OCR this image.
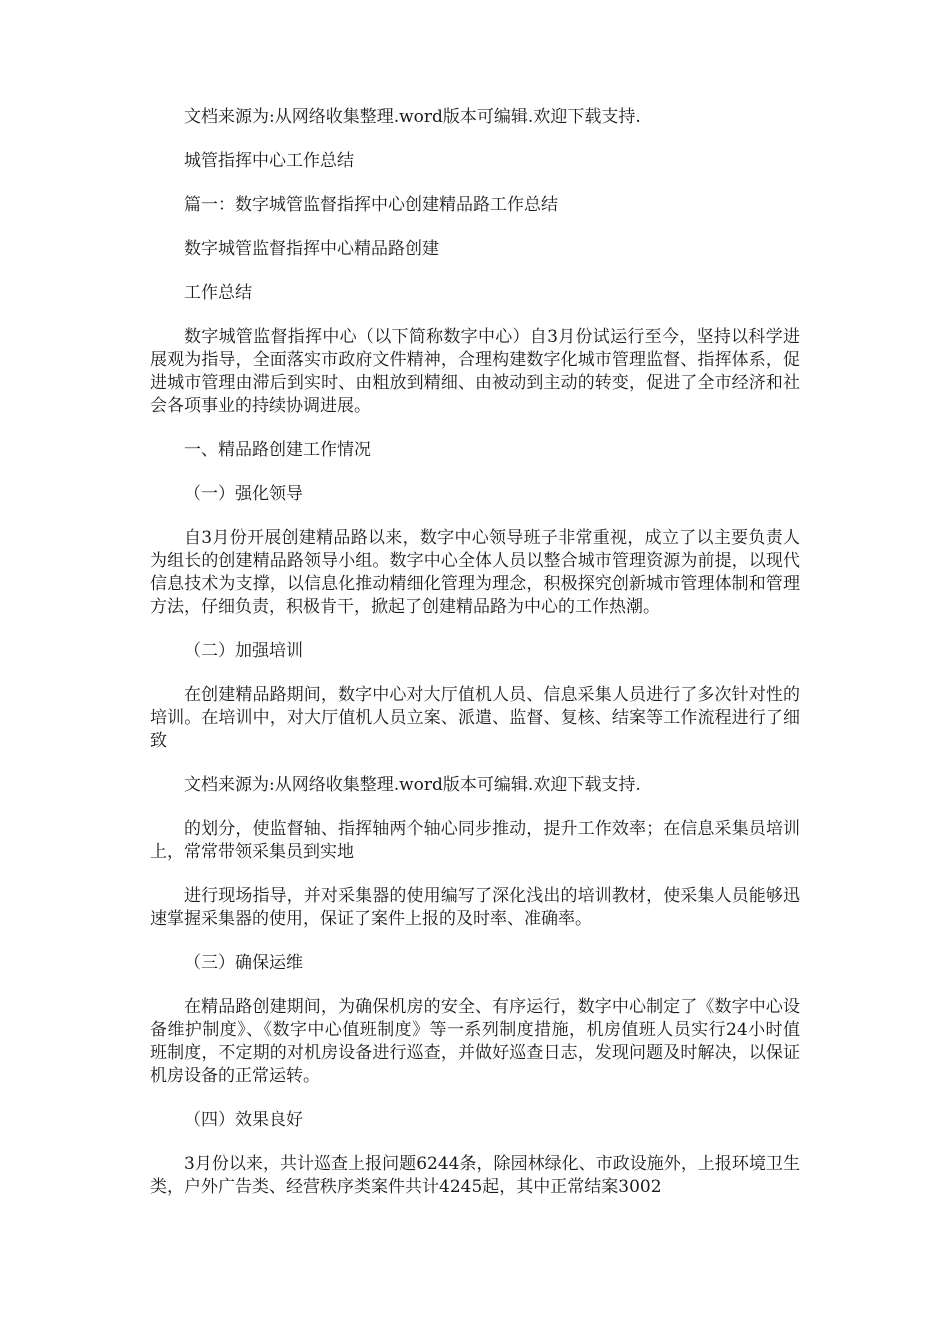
文档来源为:从网络收集整理.word版本可编辑.欢迎下载支持.

城管指挥中心工作总结

篇一：数字城管监督指挥中心创建精品路工作总结

数字城管监督指挥中心精品路创建

工作总结

数字城管监督指挥中心（以下简称数字中心）自3月份试运行至今，坚持以科学进展观为指导，全面落实市政府文件精神，合理构建数字化城市管理监督、指挥体系，促进城市管理由滞后到实时、由粗放到精细、由被动到主动的转变，促进了全市经济和社会各项事业的持续协调进展。

一、精品路创建工作情况

（一）强化领导

自3月份开展创建精品路以来，数字中心领导班子非常重视，成立了以主要负责人为组长的创建精品路领导小组。数字中心全体人员以整合城市管理资源为前提，以现代信息技术为支撑，以信息化推动精细化管理为理念，积极探究创新城市管理体制和管理方法，仔细负责，积极肯干，掀起了创建精品路为中心的工作热潮。

（二）加强培训

在创建精品路期间，数字中心对大厅值机人员、信息采集人员进行了多次针对性的培训。在培训中，对大厅值机人员立案、派遣、监督、复核、结案等工作流程进行了细致

文档来源为:从网络收集整理.word版本可编辑.欢迎下载支持.

的划分，使监督轴、指挥轴两个轴心同步推动，提升工作效率；在信息采集员培训上，常常带领采集员到实地

进行现场指导，并对采集器的使用编写了深化浅出的培训教材，使采集人员能够迅速掌握采集器的使用，保证了案件上报的及时率、准确率。

（三）确保运维

在精品路创建期间，为确保机房的安全、有序运行，数字中心制定了《数字中心设备维护制度》、《数字中心值班制度》等一系列制度措施，机房值班人员实行24小时值班制度，不定期的对机房设备进行巡查，并做好巡查日志，发现问题及时解决，以保证机房设备的正常运转。

（四）效果良好

3月份以来，共计巡查上报问题6244条，除园林绿化、市政设施外，上报环境卫生类，户外广告类、经营秩序类案件共计4245起，其中正常结案3002
